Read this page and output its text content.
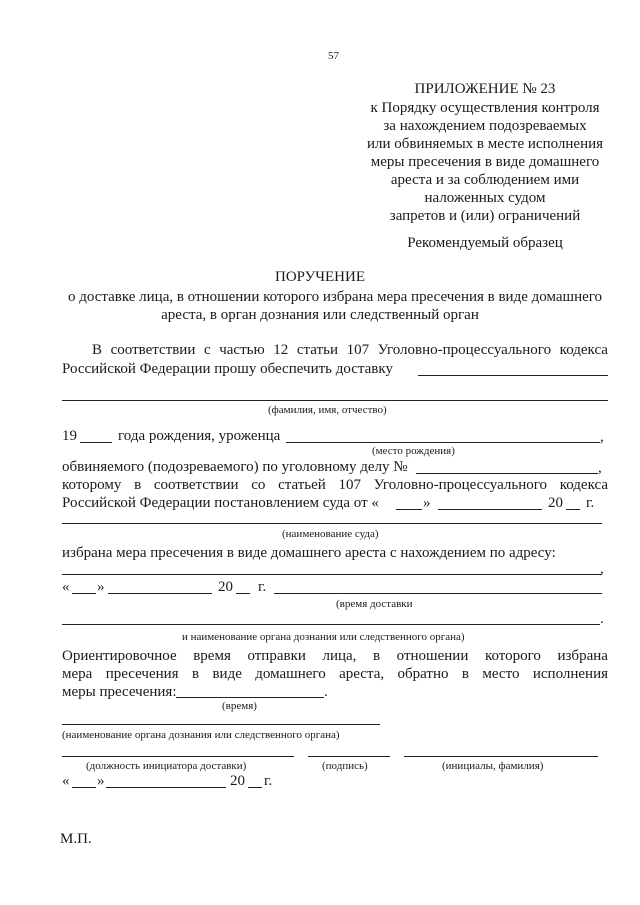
57
ПРИЛОЖЕНИЕ № 23
к Порядку осуществления контроля
за нахождением подозреваемых
или обвиняемых в месте исполнения
меры пресечения в виде домашнего
ареста и за соблюдением ими
наложенных судом
запретов и (или) ограничений
Рекомендуемый образец
ПОРУЧЕНИЕ
о доставке лица, в отношении которого избрана мера пресечения в виде домашнего
ареста, в орган дознания или следственный орган
В соответствии с частью 12 статьи 107 Уголовно-процессуального кодекса
Российской Федерации прошу обеспечить доставку
(фамилия, имя, отчество)
19	года рождения, уроженца	,
(место рождения)
обвиняемого (подозреваемого) по уголовному делу №	,
которому в соответствии со статьей 107 Уголовно-процессуального кодекса
Российской Федерации постановлением суда от «	»	20 г.
(наименование суда)
избрана мера пресечения в виде домашнего ареста с нахождением по адресу:
,
« »	20 г.
(время доставки
.
и наименование органа дознания или следственного органа)
Ориентировочное время отправки лица, в отношении которого избрана
мера пресечения в виде домашнего ареста, обратно в место исполнения
меры пресечения:	.
(время)
(наименование органа дознания или следственного органа)
(должность инициатора доставки)	(подпись)	(инициалы, фамилия)
« »	20 г.
М.П.
